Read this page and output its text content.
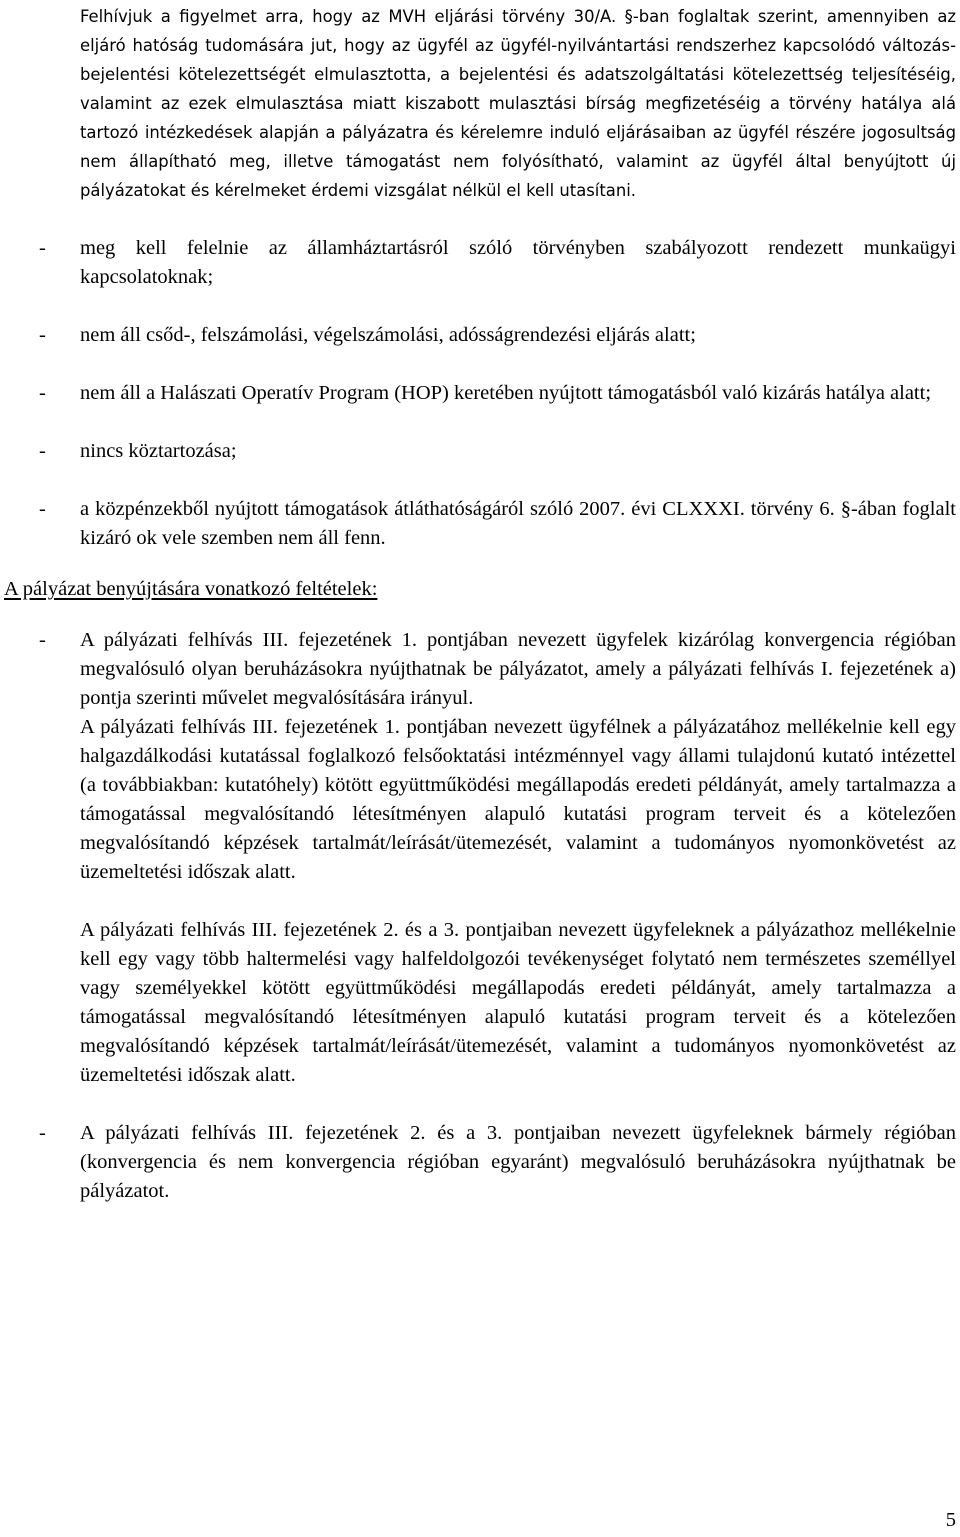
Felhívjuk a figyelmet arra, hogy az MVH eljárási törvény 30/A. §-ban foglaltak szerint, amennyiben az eljáró hatóság tudomására jut, hogy az ügyfél az ügyfél-nyilvántartási rendszerhez kapcsolódó változás-bejelentési kötelezettségét elmulasztotta, a bejelentési és adatszolgáltatási kötelezettség teljesítéséig, valamint az ezek elmulasztása miatt kiszabott mulasztási bírság megfizetéséig a törvény hatálya alá tartozó intézkedések alapján a pályázatra és kérelemre induló eljárásaiban az ügyfél részére jogosultság nem állapítható meg, illetve támogatást nem folyósítható, valamint az ügyfél által benyújtott új pályázatokat és kérelmeket érdemi vizsgálat nélkül el kell utasítani.

- meg kell felelnie az államháztartásról szóló törvényben szabályozott rendezett munkaügyi kapcsolatoknak;

- nem áll csőd-, felszámolási, végelszámolási, adósságrendezési eljárás alatt;

- nem áll a Halászati Operatív Program (HOP) keretében nyújtott támogatásból való kizárás hatálya alatt;

- nincs köztartozása;

- a közpénzekből nyújtott támogatások átláthatóságáról szóló 2007. évi CLXXXI. törvény 6. §-ában foglalt kizáró ok vele szemben nem áll fenn.

A pályázat benyújtására vonatkozó feltételek:

- A pályázati felhívás III. fejezetének 1. pontjában nevezett ügyfelek kizárólag konvergencia régióban megvalósuló olyan beruházásokra nyújthatnak be pályázatot, amely a pályázati felhívás I. fejezetének a) pontja szerinti művelet megvalósítására irányul.

A pályázati felhívás III. fejezetének 1. pontjában nevezett ügyfélnek a pályázatához mellékelnie kell egy halgazdálkodási kutatással foglalkozó felsőoktatási intézménnyel vagy állami tulajdonú kutató intézettel (a továbbiakban: kutatóhely) kötött együttműködési megállapodás eredeti példányát, amely tartalmazza a támogatással megvalósítandó létesítményen alapuló kutatási program terveit és a kötelezően megvalósítandó képzések tartalmát/leírását/ütemezését, valamint a tudományos nyomonkövetést az üzemeltetési időszak alatt.

A pályázati felhívás III. fejezetének 2. és a 3. pontjaiban nevezett ügyfeleknek a pályázathoz mellékelnie kell egy vagy több haltermelési vagy halfeldolgozói tevékenységet folytató nem természetes személlyel vagy személyekkel kötött együttműködési megállapodás eredeti példányát, amely tartalmazza a támogatással megvalósítandó létesítményen alapuló kutatási program terveit és a kötelezően megvalósítandó képzések tartalmát/leírását/ütemezését, valamint a tudományos nyomonkövetést az üzemeltetési időszak alatt.

- A pályázati felhívás III. fejezetének 2. és a 3. pontjaiban nevezett ügyfeleknek bármely régióban (konvergencia és nem konvergencia régióban egyaránt) megvalósuló beruházásokra nyújthatnak be pályázatot.

5
